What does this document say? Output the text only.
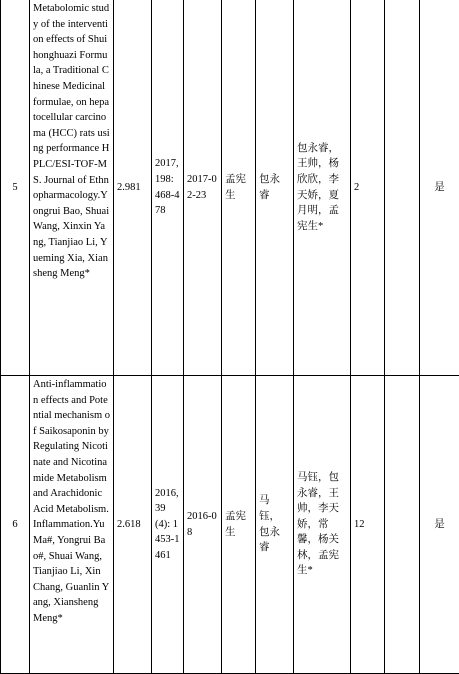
5	Metabolomic study of the intervention effects of Shuihonghuazi Formula, a Traditional Chinese Medicinal formulae, on hepatocellular carcinoma (HCC) rats using performance HPLC/ESI-TOF-MS. Journal of Ethnopharmacology.Yongrui Bao, Shuai Wang, Xinxin Yang, Tianjiao Li, Yueming Xia, Xiansheng Meng*	2.981	2017, 198: 468-478	2017-02-23	孟宪生	包永睿	包永睿，王帅，杨欣欣，李天娇，夏月明，孟宪生*	2		是
6	Anti-inflammation effects and Potential mechanism of Saikosaponin by Regulating Nicotinate and Nicotinamide Metabolism and Arachidonic Acid Metabolism. Inflammation.Yu Ma#, Yongrui Bao#, Shuai Wang, Tianjiao Li, Xin Chang, Guanlin Yang, Xiansheng Meng*	2.618	2016, 39(4): 1453-1461	2016-08	孟宪生	马钰，包永睿	马钰，包永睿，王帅，李天娇，常馨，杨关林，孟宪生*	12		是
